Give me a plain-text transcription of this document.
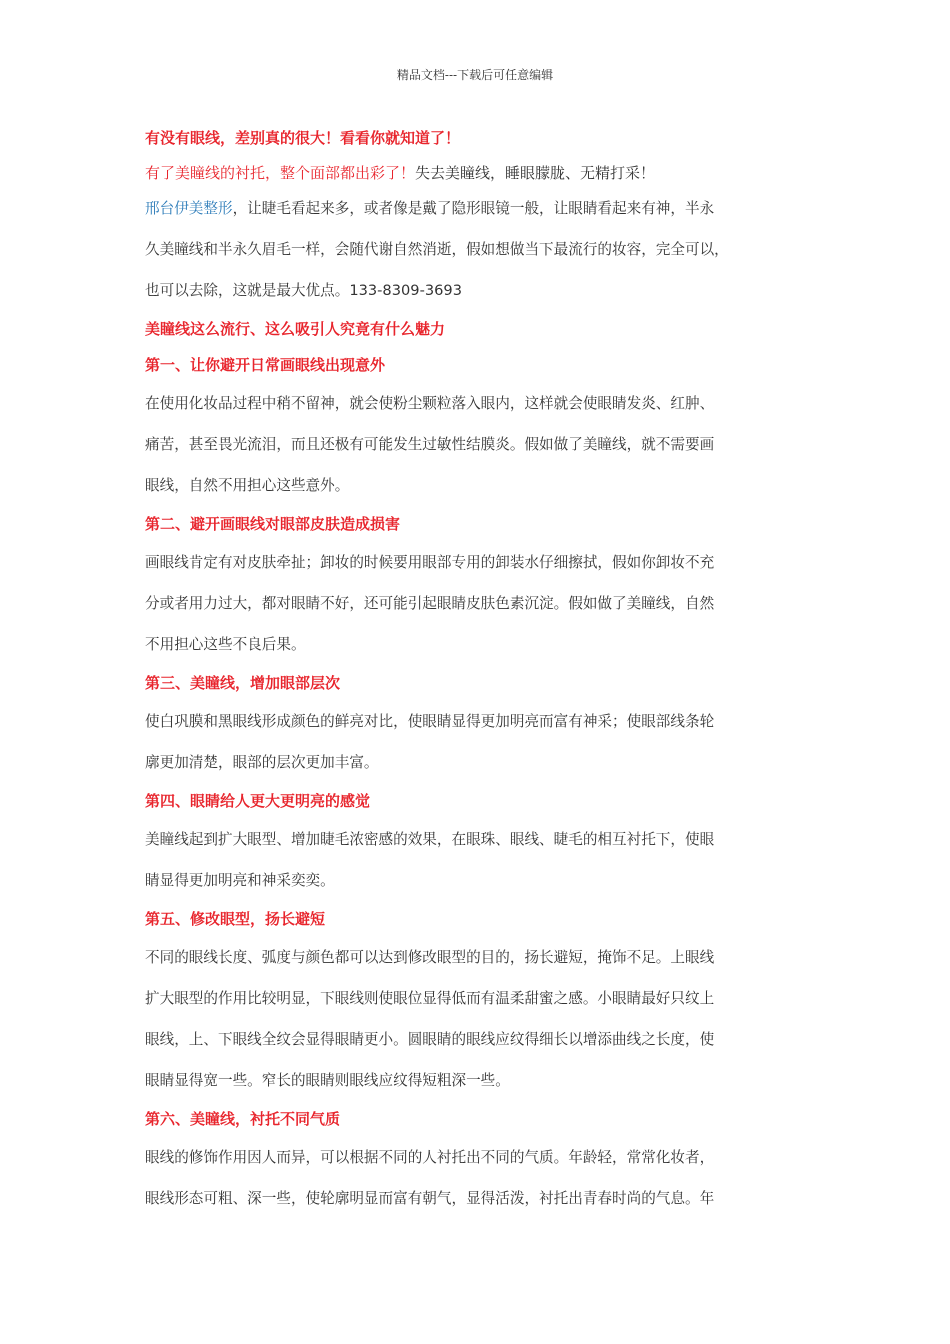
精品文档---下载后可任意编辑
有没有眼线，差别真的很大！看看你就知道了！
有了美瞳线的衬托，整个面部都出彩了！失去美瞳线，睡眼朦胧、无精打采！
邢台伊美整形，让睫毛看起来多，或者像是戴了隐形眼镜一般，让眼睛看起来有神，半永
久美瞳线和半永久眉毛一样，会随代谢自然消逝，假如想做当下最流行的妆容，完全可以，
也可以去除，这就是最大优点。133-8309-3693
美瞳线这么流行、这么吸引人究竟有什么魅力
第一、让你避开日常画眼线出现意外
在使用化妆品过程中稍不留神，就会使粉尘颗粒落入眼内，这样就会使眼睛发炎、红肿、
痛苦，甚至畏光流泪，而且还极有可能发生过敏性结膜炎。假如做了美瞳线，就不需要画
眼线，自然不用担心这些意外。
第二、避开画眼线对眼部皮肤造成损害
画眼线肯定有对皮肤牵扯；卸妆的时候要用眼部专用的卸装水仔细擦拭，假如你卸妆不充
分或者用力过大，都对眼睛不好，还可能引起眼睛皮肤色素沉淀。假如做了美瞳线，自然
不用担心这些不良后果。
第三、美瞳线，增加眼部层次
使白巩膜和黑眼线形成颜色的鲜亮对比，使眼睛显得更加明亮而富有神采；使眼部线条轮
廓更加清楚，眼部的层次更加丰富。
第四、眼睛给人更大更明亮的感觉
美瞳线起到扩大眼型、增加睫毛浓密感的效果，在眼珠、眼线、睫毛的相互衬托下，使眼
睛显得更加明亮和神采奕奕。
第五、修改眼型，扬长避短
不同的眼线长度、弧度与颜色都可以达到修改眼型的目的，扬长避短，掩饰不足。上眼线
扩大眼型的作用比较明显，下眼线则使眼位显得低而有温柔甜蜜之感。小眼睛最好只纹上
眼线，上、下眼线全纹会显得眼睛更小。圆眼睛的眼线应纹得细长以增添曲线之长度，使
眼睛显得宽一些。窄长的眼睛则眼线应纹得短粗深一些。
第六、美瞳线，衬托不同气质
眼线的修饰作用因人而异，可以根据不同的人衬托出不同的气质。年龄轻，常常化妆者，
眼线形态可粗、深一些，使轮廓明显而富有朝气，显得活泼，衬托出青春时尚的气息。年
